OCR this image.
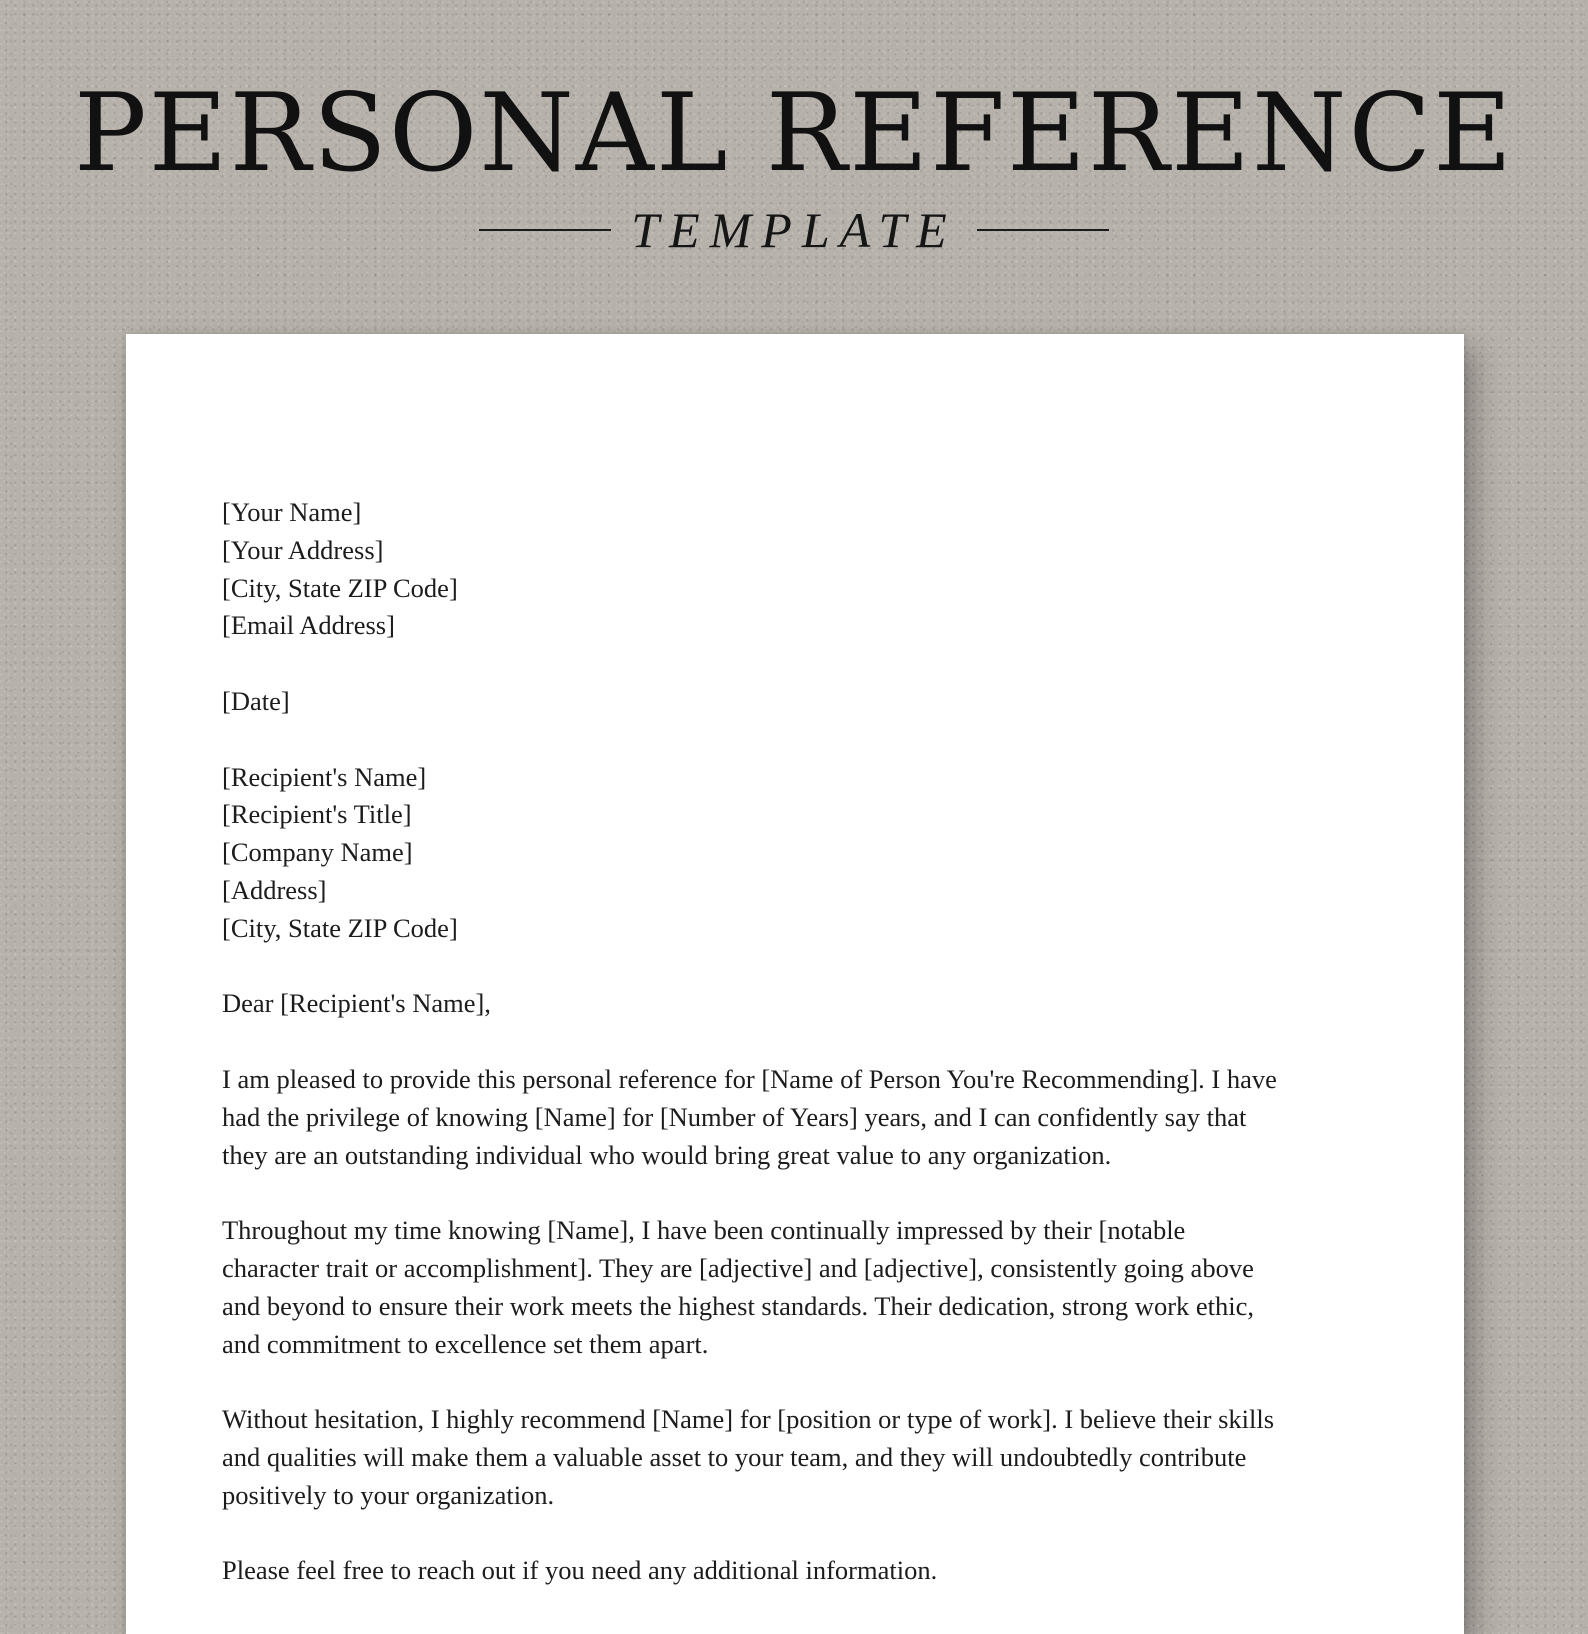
PERSONAL REFERENCE
TEMPLATE
[Your Name]
[Your Address]
[City, State ZIP Code]
[Email Address]
[Date]
[Recipient's Name]
[Recipient's Title]
[Company Name]
[Address]
[City, State ZIP Code]
Dear [Recipient's Name],
I am pleased to provide this personal reference for [Name of Person You're Recommending]. I have
had the privilege of knowing [Name] for [Number of Years] years, and I can confidently say that
they are an outstanding individual who would bring great value to any organization.
Throughout my time knowing [Name], I have been continually impressed by their [notable
character trait or accomplishment]. They are [adjective] and [adjective], consistently going above
and beyond to ensure their work meets the highest standards. Their dedication, strong work ethic,
and commitment to excellence set them apart.
Without hesitation, I highly recommend [Name] for [position or type of work]. I believe their skills
and qualities will make them a valuable asset to your team, and they will undoubtedly contribute
positively to your organization.
Please feel free to reach out if you need any additional information.
